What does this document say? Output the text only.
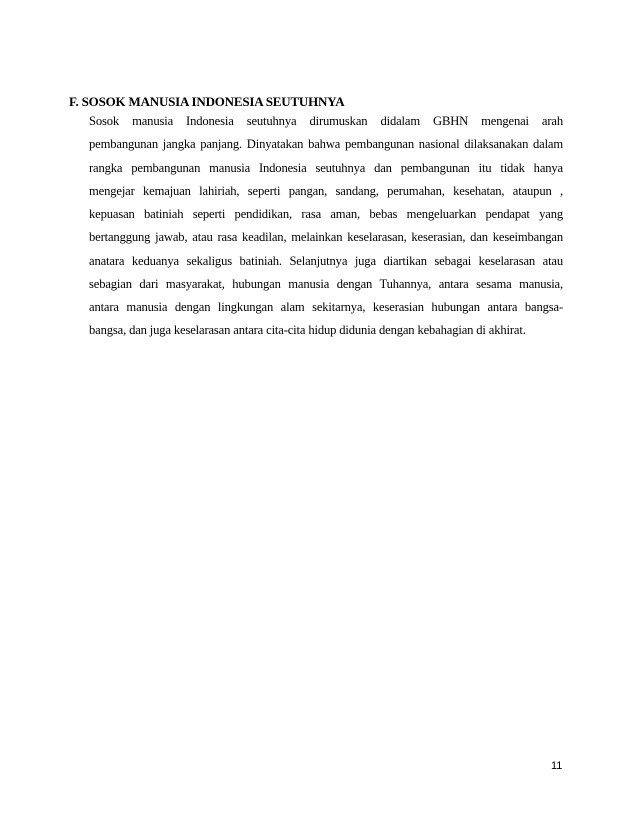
F. SOSOK MANUSIA INDONESIA SEUTUHNYA
Sosok manusia Indonesia seutuhnya dirumuskan didalam GBHN mengenai arah
pembangunan jangka panjang. Dinyatakan bahwa pembangunan nasional dilaksanakan dalam
rangka pembangunan manusia Indonesia seutuhnya dan pembangunan itu tidak hanya
mengejar kemajuan lahiriah, seperti pangan, sandang, perumahan, kesehatan, ataupun ,
kepuasan batiniah seperti pendidikan, rasa aman, bebas mengeluarkan pendapat yang
bertanggung jawab, atau rasa keadilan, melainkan keselarasan, keserasian, dan keseimbangan
anatara keduanya sekaligus batiniah. Selanjutnya juga diartikan sebagai keselarasan atau
sebagian dari masyarakat, hubungan manusia dengan Tuhannya, antara sesama manusia,
antara manusia dengan lingkungan alam sekitarnya, keserasian hubungan antara bangsa-
bangsa, dan juga keselarasan antara cita-cita hidup didunia dengan kebahagian di akhirat.
11
